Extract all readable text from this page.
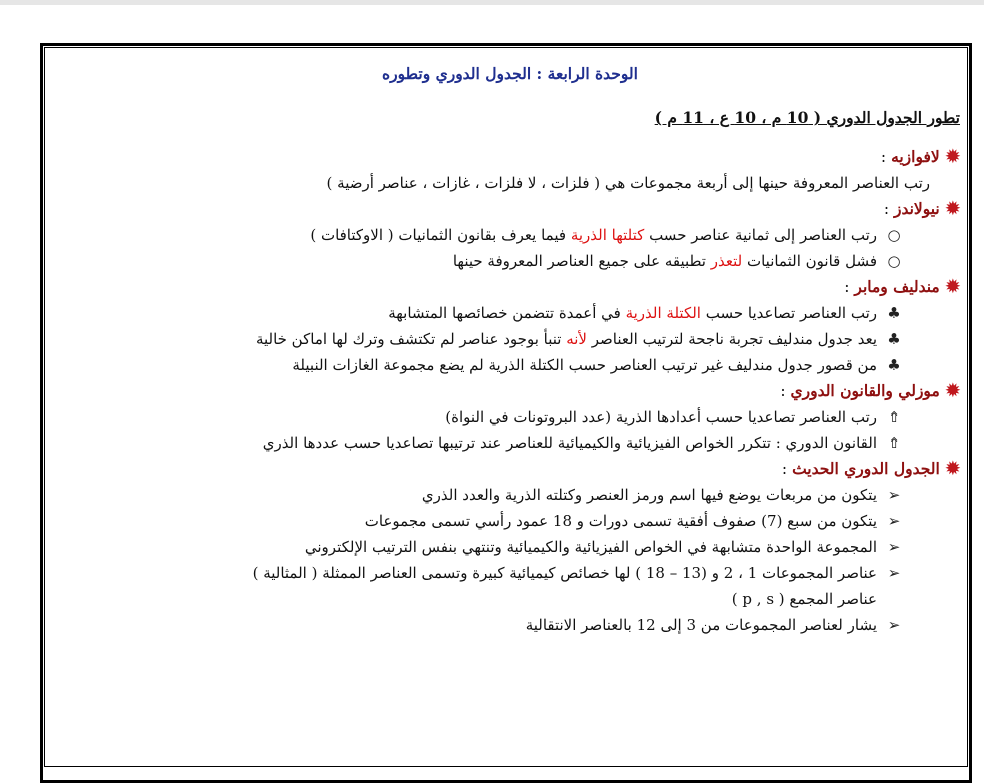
الوحدة الرابعة : الجدول الدوري وتطوره
تطور الجدول الدوري ( 10 م ، 10 ع ، 11 م )
✹لافوازيه :
رتب العناصر المعروفة حينها إلى أربعة مجموعات هي ( فلزات ، لا فلزات ، غازات ، عناصر أرضية )
✹نيولاندز :
○رتب العناصر إلى ثمانية عناصر حسب كتلتها الذرية فيما يعرف بقانون الثمانيات ( الاوكتافات )
○فشل قانون الثمانيات لتعذر تطبيقه على جميع العناصر المعروفة حينها
✹مندليف ومابر :
♣رتب العناصر تصاعديا حسب الكتلة الذرية في أعمدة تتضمن خصائصها المتشابهة
♣يعد جدول مندليف تجربة ناجحة لترتيب العناصر لأنه تنبأ بوجود عناصر لم تكتشف وترك لها اماكن خالية
♣من قصور جدول مندليف غير ترتيب العناصر حسب الكتلة الذرية لم يضع مجموعة الغازات النبيلة
✹موزلي والقانون الدوري :
⇮رتب العناصر تصاعديا حسب أعدادها الذرية (عدد البروتونات في النواة)
⇮القانون الدوري : تتكرر الخواص الفيزيائية والكيميائية للعناصر عند ترتيبها تصاعديا حسب عددها الذري
✹الجدول الدوري الحديث :
➢يتكون من مربعات يوضع فيها اسم ورمز العنصر وكتلته الذرية والعدد الذري
➢يتكون من سبع (7) صفوف أفقية تسمى دورات و 18 عمود رأسي تسمى مجموعات
➢المجموعة الواحدة متشابهة في الخواص الفيزيائية والكيميائية وتنتهي بنفس الترتيب الإلكتروني
➢عناصر المجموعات 1 ، 2 و (13 – 18 ) لها خصائص كيميائية كبيرة وتسمى العناصر الممثلة ( المثالية )
عناصر المجمع ( p , s )
➢يشار لعناصر المجموعات من 3 إلى 12 بالعناصر الانتقالية
